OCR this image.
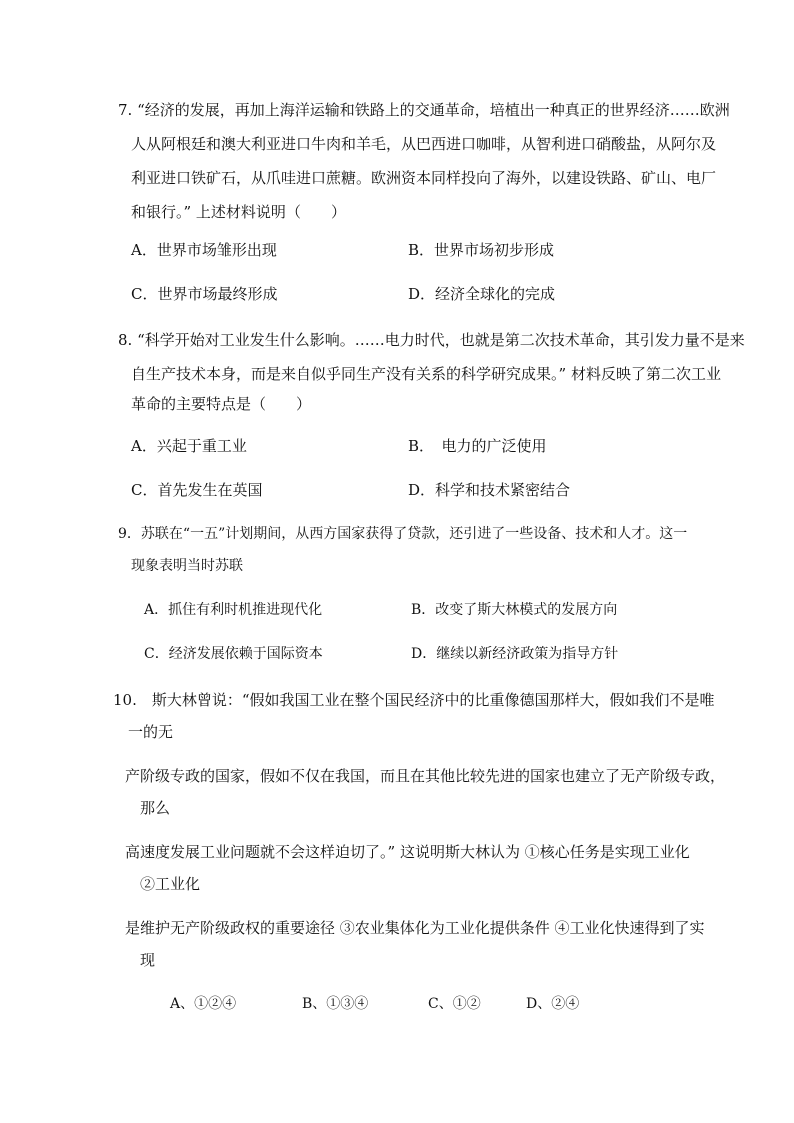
7. “经济的发展，再加上海洋运输和铁路上的交通革命，培植出一种真正的世界经济……欧洲
人从阿根廷和澳大利亚进口牛肉和羊毛，从巴西进口咖啡，从智利进口硝酸盐，从阿尔及
利亚进口铁矿石，从爪哇进口蔗糖。欧洲资本同样投向了海外，以建设铁路、矿山、电厂
和银行。” 上述材料说明（　　）
A．世界市场雏形出现	B．世界市场初步形成
C．世界市场最终形成	D．经济全球化的完成
8. “科学开始对工业发生什么影响。……电力时代，也就是第二次技术革命，其引发力量不是来
自生产技术本身，而是来自似乎同生产没有关系的科学研究成果。” 材料反映了第二次工业
革命的主要特点是（　　）
A．兴起于重工业	B．　电力的广泛使用
C．首先发生在英国	D．科学和技术紧密结合
9．苏联在“一五”计划期间，从西方国家获得了贷款，还引进了一些设备、技术和人才。这一
现象表明当时苏联
A．抓住有利时机推进现代化	B．改变了斯大林模式的发展方向
C．经济发展依赖于国际资本	D．继续以新经济政策为指导方针
10.　斯大林曾说：“假如我国工业在整个国民经济中的比重像德国那样大，假如我们不是唯
一的无
产阶级专政的国家，假如不仅在我国，而且在其他比较先进的国家也建立了无产阶级专政，
那么
高速度发展工业问题就不会这样迫切了。” 这说明斯大林认为 ①核心任务是实现工业化
②工业化
是维护无产阶级政权的重要途径 ③农业集体化为工业化提供条件 ④工业化快速得到了实
现
A、①②④	B、①③④	C、①②	D、②④
